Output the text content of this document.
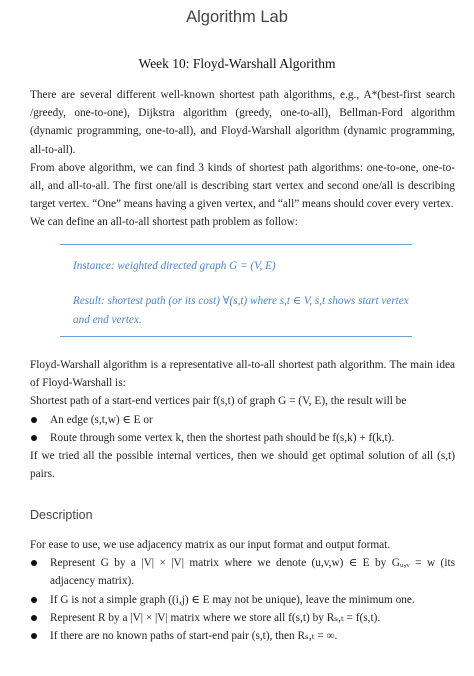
Algorithm Lab
Week 10: Floyd-Warshall Algorithm

There are several different well-known shortest path algorithms, e.g., A*(best-first search /greedy, one-to-one), Dijkstra algorithm (greedy, one-to-all), Bellman-Ford algorithm (dynamic programming, one-to-all), and Floyd-Warshall algorithm (dynamic programming, all-to-all).

From above algorithm, we can find 3 kinds of shortest path algorithms: one-to-one, one-to-all, and all-to-all. The first one/all is describing start vertex and second one/all is describing target vertex. “One” means having a given vertex, and “all” means should cover every vertex.

We can define an all-to-all shortest path problem as follow:

Instance: weighted directed graph G = (V, E)
Result: shortest path (or its cost) ∀(s,t) where s,t ∈ V, s,t shows start vertex and end vertex.

Floyd-Warshall algorithm is a representative all-to-all shortest path algorithm. The main idea of Floyd-Warshall is:

Shortest path of a start-end vertices pair f(s,t) of graph G = (V, E), the result will be

An edge (s,t,w) ∈ E or
Route through some vertex k, then the shortest path should be f(s,k) + f(k,t).

If we tried all the possible internal vertices, then we should get optimal solution of all (s,t) pairs.

Description

For ease to use, we use adjacency matrix as our input format and output format.

Represent G by a |V| × |V| matrix where we denote (u,v,w) ∈ E by Gᵤ,ᵥ = w (its adjacency matrix).
If G is not a simple graph ((i,j) ∈ E may not be unique), leave the minimum one.
Represent R by a |V| × |V| matrix where we store all f(s,t) by Rₛ,ₜ = f(s,t).
If there are no known paths of start-end pair (s,t), then Rₛ,ₜ = ∞.
